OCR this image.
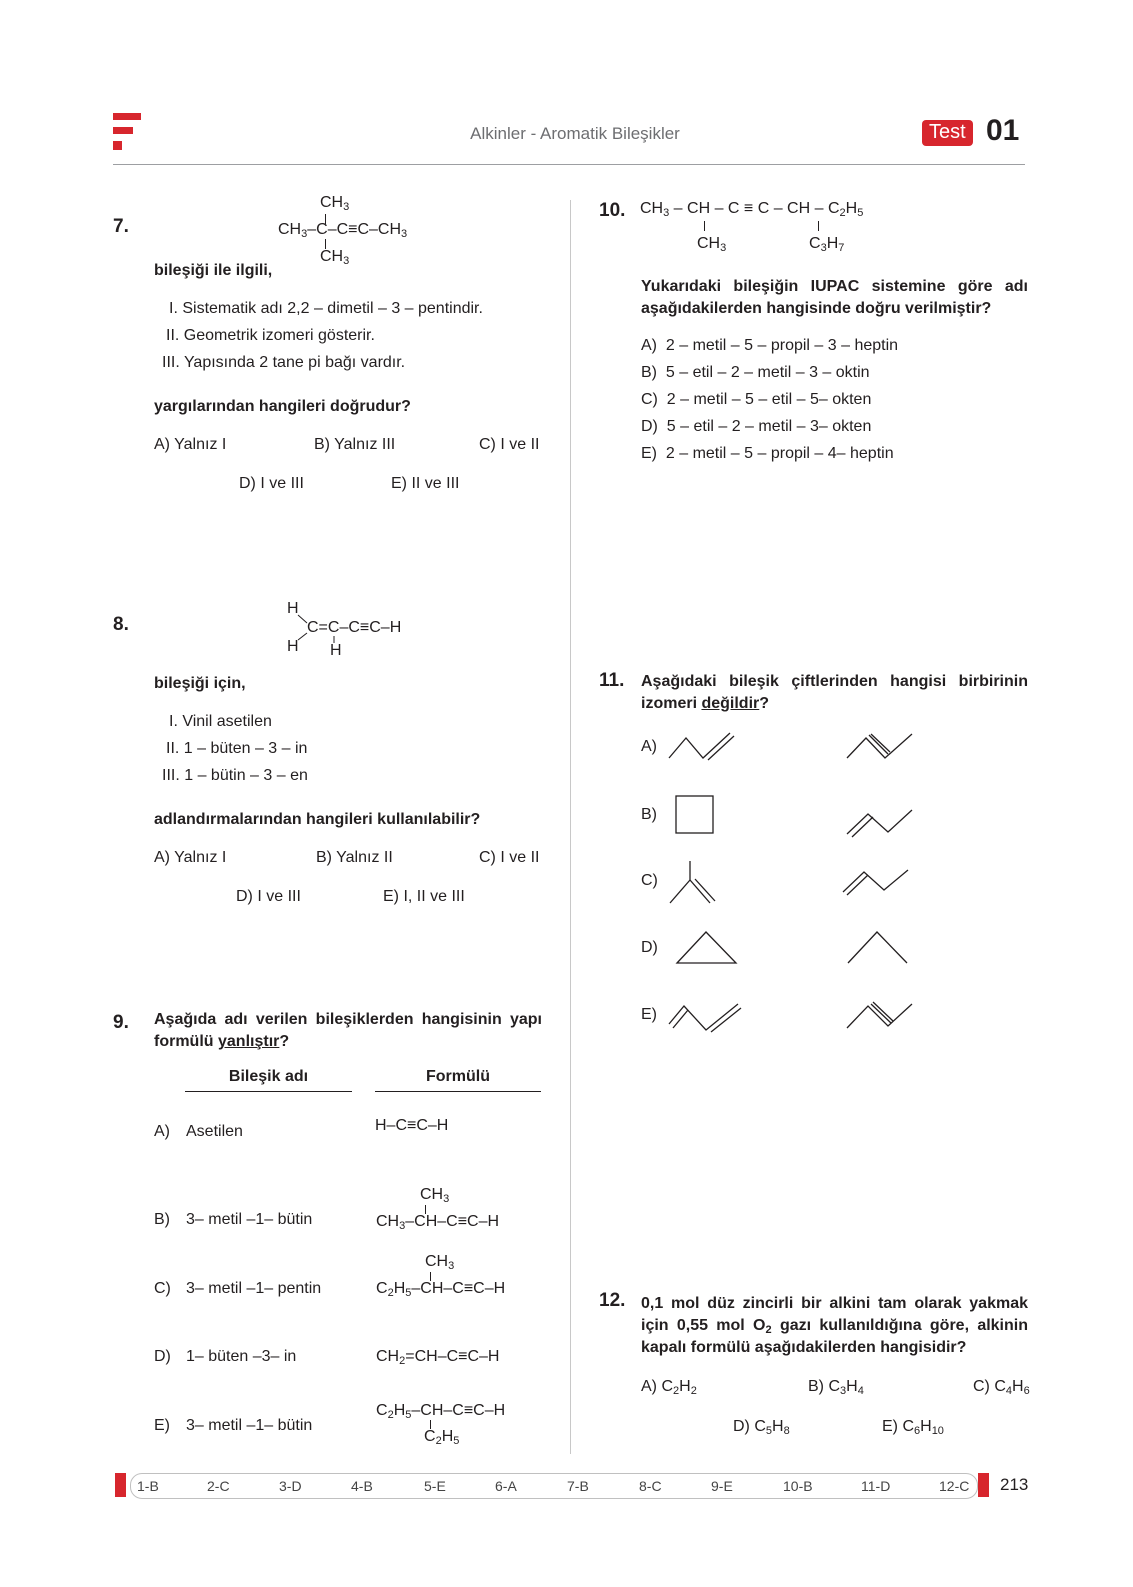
Alkinler - Aromatik Bileşikler	Test 01
7.
$CH_3$
$CH_3-C-C\equiv C-CH_3$
$CH_3$
bileşiği ile ilgili,
I. Sistematik adı 2,2 – dimetil – 3 – pentindir.
II. Geometrik izomeri gösterir.
III. Yapısında 2 tane pi bağı vardır.
yargılarından hangileri doğrudur?
A) Yalnız I	B) Yalnız III	C) I ve II
D) I ve III	E) II ve III
8.
H
C=C–C≡C–H
H H
bileşiği için,
I. Vinil asetilen
II. 1 – büten – 3 – in
III. 1 – bütin – 3 – en
adlandırmalarından hangileri kullanılabilir?
A) Yalnız I	B) Yalnız II	C) I ve II
D) I ve III	E) I, II ve III
9. Aşağıda adı verilen bileşiklerden hangisinin yapı formülü yanlıştır?
Bileşik adı	Formülü
A) Asetilen	H–C≡C–H
B) 3– metil –1– bütin
$CH_3$
$CH_3-CH-C\equiv C-H$
C) 3– metil –1– pentin
$CH_3$
$C_2H_5-CH-C\equiv C-H$
D) 1– büten –3– in	$CH_2=CH-C\equiv C-H$
E) 3– metil –1– bütin
$C_2H_5-CH-C\equiv C-H$
$C_2H_5$
10. $CH_3$ – CH – C ≡ C – CH – $C_2H_5$
$CH_3$	$C_3H_7$
Yukarıdaki bileşiğin IUPAC sistemine göre adı aşağıdakilerden hangisinde doğru verilmiştir?
A) 2 – metil – 5 – propil – 3 – heptin
B) 5 – etil – 2 – metil – 3 – oktin
C) 2 – metil – 5 – etil – 5– okten
D) 5 – etil – 2 – metil – 3– okten
E) 2 – metil – 5 – propil – 4– heptin
11. Aşağıdaki bileşik çiftlerinden hangisi birbirinin izomeri değildir?
A)
B)
C)
D)
E)
12. 0,1 mol düz zincirli bir alkini tam olarak yakmak için 0,55 mol $O_2$ gazı kullanıldığına göre, alkinin kapalı formülü aşağıdakilerden hangisidir?
A) $C_2H_2$	B) $C_3H_4$	C) $C_4H_6$
D) $C_5H_8$	E) $C_6H_{10}$
1-B	2-C	3-D	4-B	5-E	6-A	7-B	8-C	9-E	10-B	11-D	12-C 213
